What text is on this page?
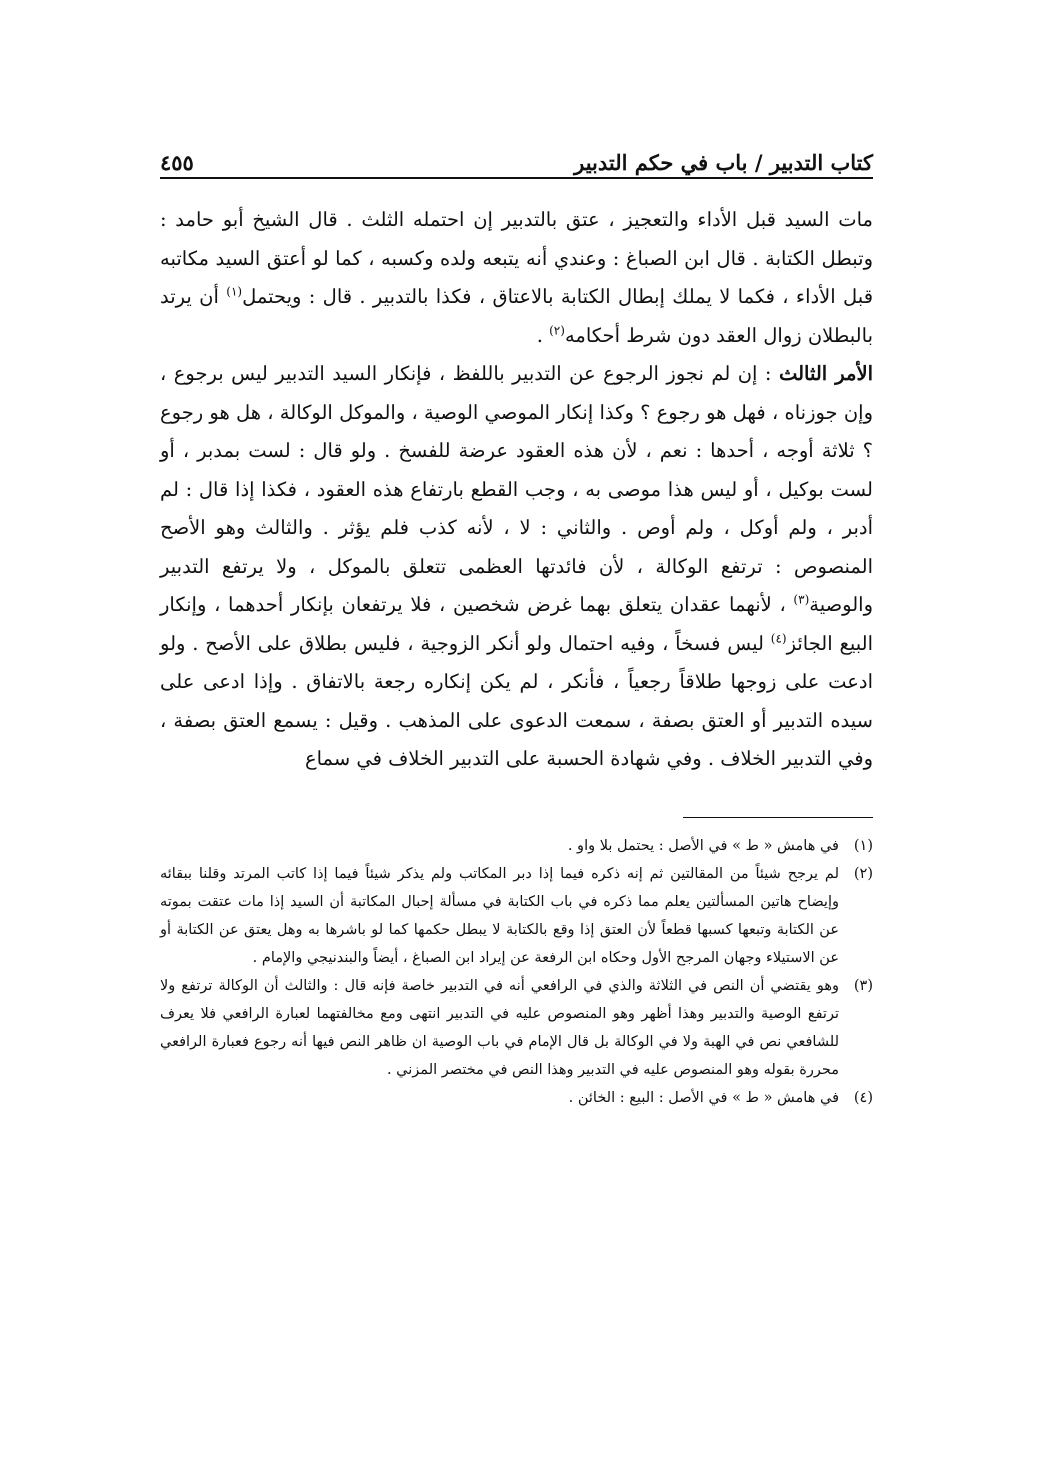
كتاب التدبير / باب في حكم التدبير
٤٥٥

مات السيد قبل الأداء والتعجيز ، عتق بالتدبير إن احتمله الثلث . قال الشيخ أبو حامد : وتبطل الكتابة . قال ابن الصباغ : وعندي أنه يتبعه ولده وكسبه ، كما لو أعتق السيد مكاتبه قبل الأداء ، فكما لا يملك إبطال الكتابة بالاعتاق ، فكذا بالتدبير . قال : ويحتمل$^{(١)}$ أن يرتد بالبطلان زوال العقد دون شرط أحكامه$^{(٢)}$ .

الأمر الثالث : إن لم نجوز الرجوع عن التدبير باللفظ ، فإنكار السيد التدبير ليس برجوع ، وإن جوزناه ، فهل هو رجوع ؟ وكذا إنكار الموصي الوصية ، والموكل الوكالة ، هل هو رجوع ؟ ثلاثة أوجه ، أحدها : نعم ، لأن هذه العقود عرضة للفسخ . ولو قال : لست بمدبر ، أو لست بوكيل ، أو ليس هذا موصى به ، وجب القطع بارتفاع هذه العقود ، فكذا إذا قال : لم أدبر ، ولم أوكل ، ولم أوص . والثاني : لا ، لأنه كذب فلم يؤثر . والثالث وهو الأصح المنصوص : ترتفع الوكالة ، لأن فائدتها العظمى تتعلق بالموكل ، ولا يرتفع التدبير والوصية$^{(٣)}$ ، لأنهما عقدان يتعلق بهما غرض شخصين ، فلا يرتفعان بإنكار أحدهما ، وإنكار البيع الجائز$^{(٤)}$ ليس فسخاً ، وفيه احتمال ولو أنكر الزوجية ، فليس بطلاق على الأصح . ولو ادعت على زوجها طلاقاً رجعياً ، فأنكر ، لم يكن إنكاره رجعة بالاتفاق . وإذا ادعى على سيده التدبير أو العتق بصفة ، سمعت الدعوى على المذهب . وقيل : يسمع العتق بصفة ، وفي التدبير الخلاف . وفي شهادة الحسبة على التدبير الخلاف في سماع

(١)
في هامش « ط » في الأصل : يحتمل بلا واو .
(٢)
لم يرجح شيئاً من المقالتين ثم إنه ذكره فيما إذا دبر المكاتب ولم يذكر شيئاً فيما إذا كاتب المرتد وقلنا ببقائه وإيضاح هاتين المسألتين يعلم مما ذكره في باب الكتابة في مسألة إحبال المكاتبة أن السيد إذا مات عتقت بموته عن الكتابة وتبعها كسبها قطعاً لأن العتق إذا وقع بالكتابة لا يبطل حكمها كما لو باشرها به وهل يعتق عن الكتابة أو عن الاستيلاء وجهان المرجح الأول وحكاه ابن الرفعة عن إيراد ابن الصباغ ، أيضاً والبندنيجي والإمام .
(٣)
وهو يقتضي أن النص في الثلاثة والذي في الرافعي أنه في التدبير خاصة فإنه قال : والثالث أن الوكالة ترتفع ولا ترتفع الوصية والتدبير وهذا أظهر وهو المنصوص عليه في التدبير انتهى ومع مخالفتهما لعبارة الرافعي فلا يعرف للشافعي نص في الهبة ولا في الوكالة بل قال الإمام في باب الوصية ان ظاهر النص فيها أنه رجوع فعبارة الرافعي محررة بقوله وهو المنصوص عليه في التدبير وهذا النص في مختصر المزني .
(٤)
في هامش « ط » في الأصل : البيع : الخائن .
